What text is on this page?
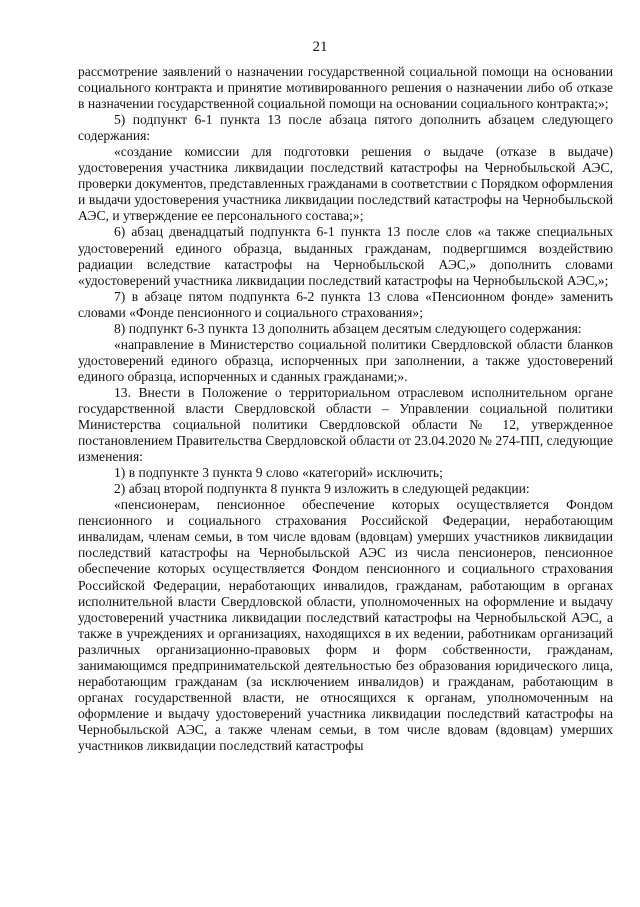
21

рассмотрение заявлений о назначении государственной социальной помощи на основании социального контракта и принятие мотивированного решения о назначении либо об отказе в назначении государственной социальной помощи на основании социального контракта;»;

5) подпункт 6-1 пункта 13 после абзаца пятого дополнить абзацем следующего содержания:

«создание комиссии для подготовки решения о выдаче (отказе в выдаче) удостоверения участника ликвидации последствий катастрофы на Чернобыльской АЭС, проверки документов, представленных гражданами в соответствии с Порядком оформления и выдачи удостоверения участника ликвидации последствий катастрофы на Чернобыльской АЭС, и утверждение ее персонального состава;»;

6) абзац двенадцатый подпункта 6-1 пункта 13 после слов «а также специальных удостоверений единого образца, выданных гражданам, подвергшимся воздействию радиации вследствие катастрофы на Чернобыльской АЭС,» дополнить словами «удостоверений участника ликвидации последствий катастрофы на Чернобыльской АЭС,»;

7) в абзаце пятом подпункта 6-2 пункта 13 слова «Пенсионном фонде» заменить словами «Фонде пенсионного и социального страхования»;

8) подпункт 6-3 пункта 13 дополнить абзацем десятым следующего содержания:

«направление в Министерство социальной политики Свердловской области бланков удостоверений единого образца, испорченных при заполнении, а также удостоверений единого образца, испорченных и сданных гражданами;».

13. Внести в Положение о территориальном отраслевом исполнительном органе государственной власти Свердловской области – Управлении социальной политики Министерства социальной политики Свердловской области № 12, утвержденное постановлением Правительства Свердловской области от 23.04.2020 № 274-ПП, следующие изменения:

1) в подпункте 3 пункта 9 слово «категорий» исключить;

2) абзац второй подпункта 8 пункта 9 изложить в следующей редакции:

«пенсионерам, пенсионное обеспечение которых осуществляется Фондом пенсионного и социального страхования Российской Федерации, неработающим инвалидам, членам семьи, в том числе вдовам (вдовцам) умерших участников ликвидации последствий катастрофы на Чернобыльской АЭС из числа пенсионеров, пенсионное обеспечение которых осуществляется Фондом пенсионного и социального страхования Российской Федерации, неработающих инвалидов, гражданам, работающим в органах исполнительной власти Свердловской области, уполномоченных на оформление и выдачу удостоверений участника ликвидации последствий катастрофы на Чернобыльской АЭС, а также в учреждениях и организациях, находящихся в их ведении, работникам организаций различных организационно-правовых форм и форм собственности, гражданам, занимающимся предпринимательской деятельностью без образования юридического лица, неработающим гражданам (за исключением инвалидов) и гражданам, работающим в органах государственной власти, не относящихся к органам, уполномоченным на оформление и выдачу удостоверений участника ликвидации последствий катастрофы на Чернобыльской АЭС, а также членам семьи, в том числе вдовам (вдовцам) умерших участников ликвидации последствий катастрофы
